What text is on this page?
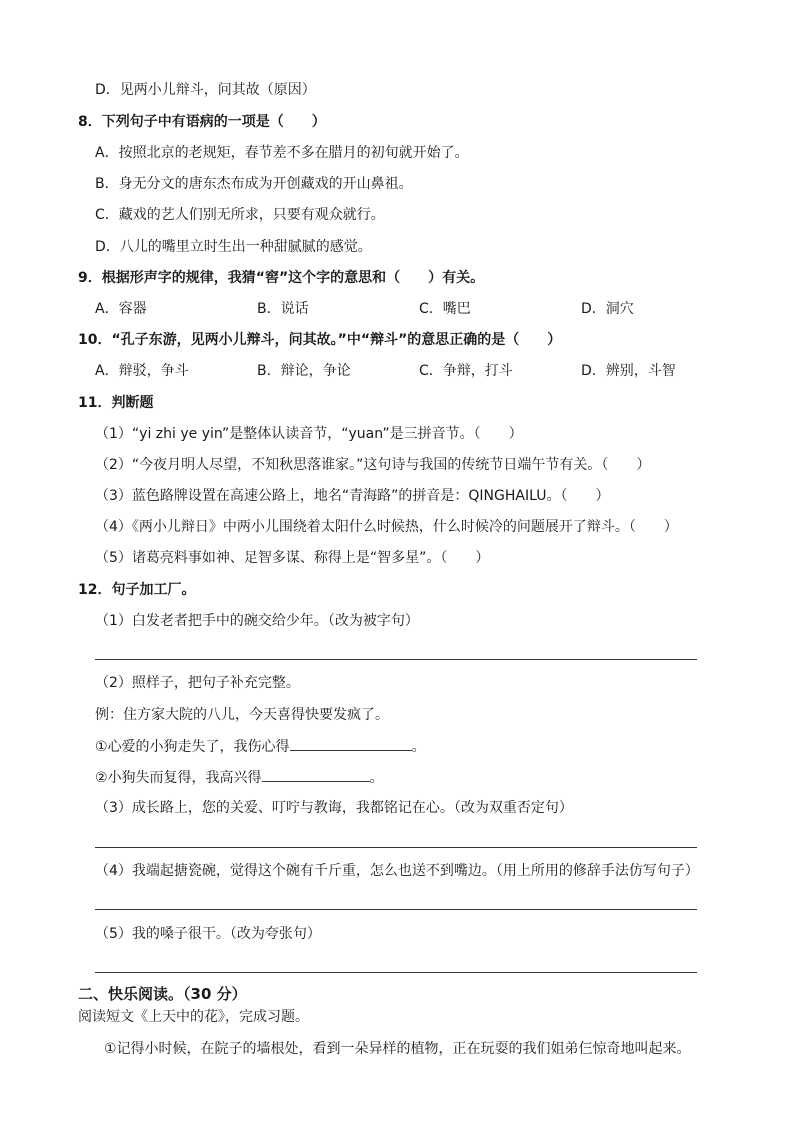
D．见两小儿辩斗，问其故（原因）
8．下列句子中有语病的一项是（　　）
A．按照北京的老规矩，春节差不多在腊月的初旬就开始了。
B．身无分文的唐东杰布成为开创藏戏的开山鼻祖。
C．藏戏的艺人们别无所求，只要有观众就行。
D．八儿的嘴里立时生出一种甜腻腻的感觉。
9．根据形声字的规律，我猜“窖”这个字的意思和（　　）有关。
A．容器	B．说话	C．嘴巴	D．洞穴
10．“孔子东游，见两小儿辩斗，问其故。”中“辩斗”的意思正确的是（　　）
A．辩驳，争斗	B．辩论，争论	C．争辩，打斗	D．辨别，斗智
11．判断题
（1）“yi zhi ye yin”是整体认读音节，“yuan”是三拼音节。（　　）
（2）“今夜月明人尽望，不知秋思落谁家。”这句诗与我国的传统节日端午节有关。（　　）
（3）蓝色路牌设置在高速公路上，地名“青海路”的拼音是：QINGHAILU。（　　）
（4）《两小儿辩日》中两小儿围绕着太阳什么时候热，什么时候冷的问题展开了辩斗。（　　）
（5）诸葛亮料事如神、足智多谋、称得上是“智多星”。（　　）
12．句子加工厂。
（1）白发老者把手中的碗交给少年。（改为被字句）
（2）照样子，把句子补充完整。
例：住方家大院的八儿，今天喜得快要发疯了。
①心爱的小狗走失了，我伤心得	。
②小狗失而复得，我高兴得	。
（3）成长路上，您的关爱、叮咛与教诲，我都铭记在心。（改为双重否定句）
（4）我端起搪瓷碗，觉得这个碗有千斤重，怎么也送不到嘴边。（用上所用的修辞手法仿写句子）
（5）我的嗓子很干。（改为夸张句）
二、快乐阅读。（30 分）
阅读短文《上天中的花》，完成习题。
①记得小时候，在院子的墙根处，看到一朵异样的植物，正在玩耍的我们姐弟仨惊奇地叫起来。
